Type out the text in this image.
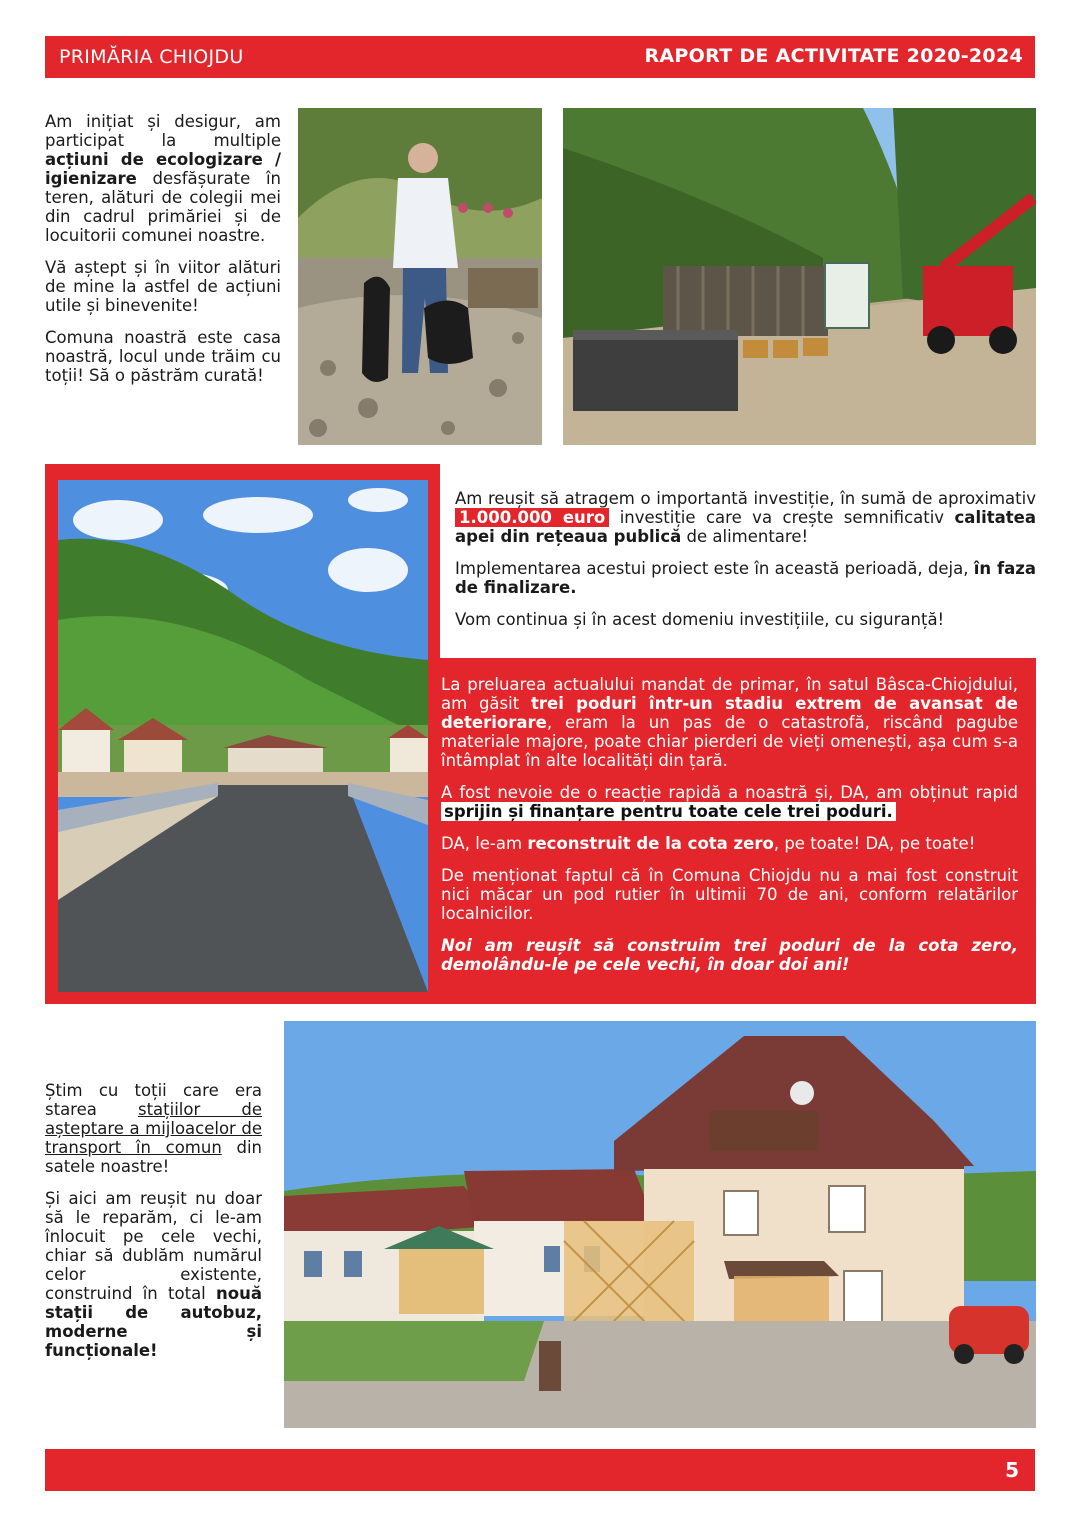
PRIMĂRIA CHIOJDU	RAPORT DE ACTIVITATE 2020-2024

Am inițiat și desigur, am participat la multiple acțiuni de ecologizare / igienizare desfășurate în teren, alături de colegii mei din cadrul primăriei și de locuitorii comunei noastre.

Vă aștept și în viitor alături de mine la astfel de acțiuni utile și binevenite!

Comuna noastră este casa noastră, locul unde trăim cu toții! Să o păstrăm curată!

Am reușit să atragem o importantă investiție, în sumă de aproximativ 1.000.000 euro investiție care va crește semnificativ calitatea apei din rețeaua publică de alimentare!

Implementarea acestui proiect este în această perioadă, deja, în faza de finalizare.

Vom continua și în acest domeniu investițiile, cu siguranță!

La preluarea actualului mandat de primar, în satul Bâsca-Chiojdului, am găsit trei poduri într-un stadiu extrem de avansat de deteriorare, eram la un pas de o catastrofă, riscând pagube materiale majore, poate chiar pierderi de vieți omenești, așa cum s-a întâmplat în alte localități din țară.

A fost nevoie de o reacție rapidă a noastră și, DA, am obținut rapid sprijin și finanțare pentru toate cele trei poduri.

DA, le-am reconstruit de la cota zero, pe toate! DA, pe toate!

De menționat faptul că în Comuna Chiojdu nu a mai fost construit nici măcar un pod rutier în ultimii 70 de ani, conform relatărilor localnicilor.

Noi am reușit să construim trei poduri de la cota zero, demolându-le pe cele vechi, în doar doi ani!

Știm cu toții care era starea stațiilor de așteptare a mijloacelor de transport în comun din satele noastre!

Și aici am reușit nu doar să le reparăm, ci le-am înlocuit pe cele vechi, chiar să dublăm numărul celor existente, construind în total nouă stații de autobuz, moderne și funcționale!

5
